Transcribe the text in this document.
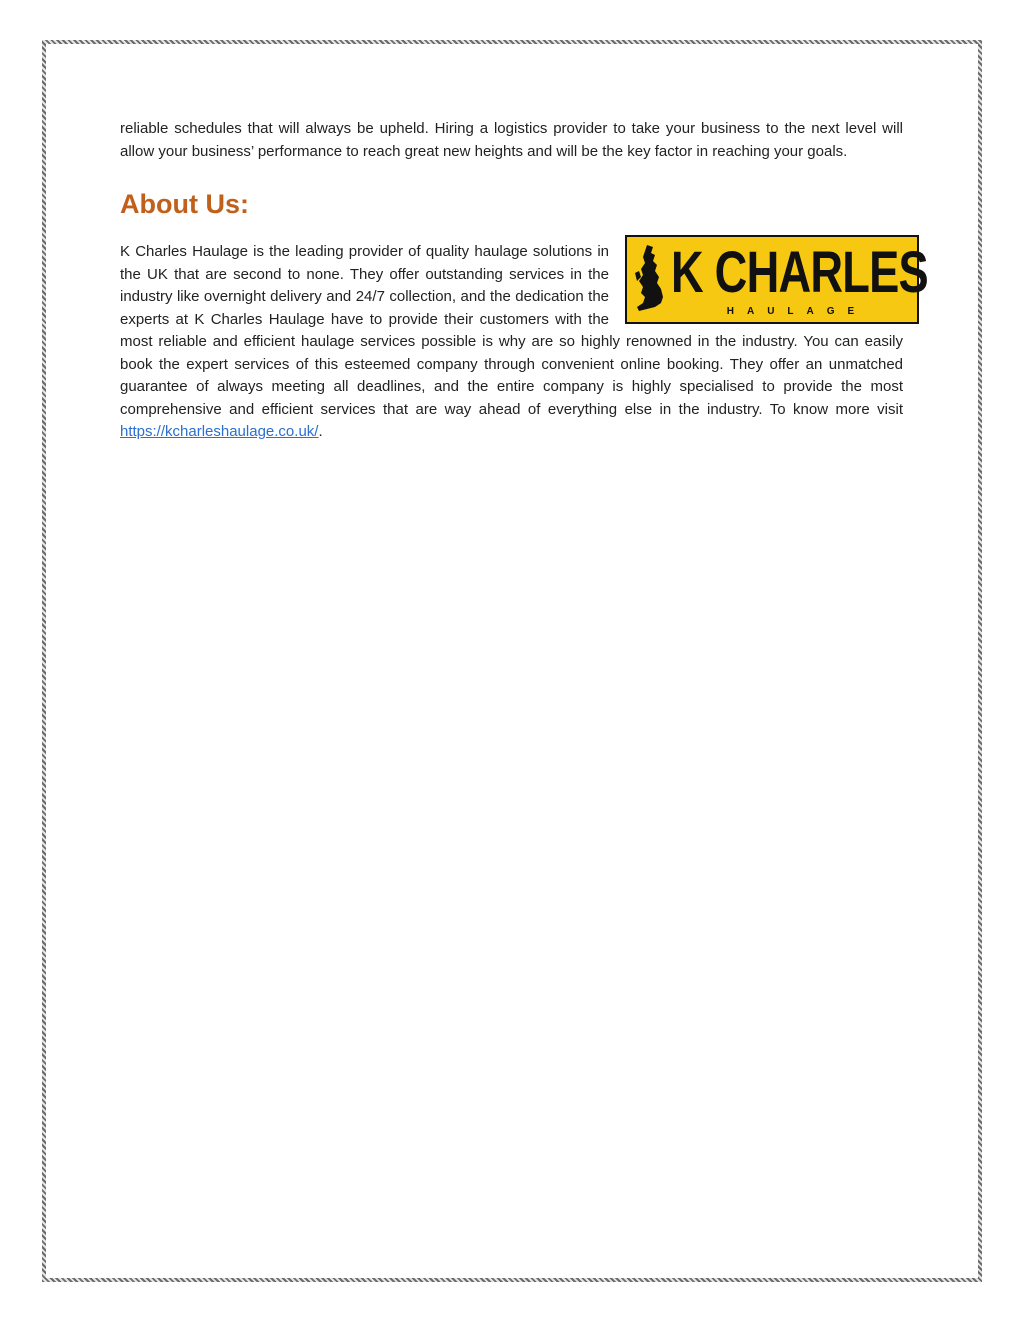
reliable schedules that will always be upheld. Hiring a logistics provider to take your business to the next level will allow your business’ performance to reach great new heights and will be the key factor in reaching your goals.

About Us:

K CHARLES
HAULAGE
K Charles Haulage is the leading provider of quality haulage solutions in the UK that are second to none. They offer outstanding services in the industry like overnight delivery and 24/7 collection, and the dedication the experts at K Charles Haulage have to provide their customers with the most reliable and efficient haulage services possible is why are so highly renowned in the industry. You can easily book the expert services of this esteemed company through convenient online booking. They offer an unmatched guarantee of always meeting all deadlines, and the entire company is highly specialised to provide the most comprehensive and efficient services that are way ahead of everything else in the industry. To know more visit https://kcharleshaulage.co.uk/.
